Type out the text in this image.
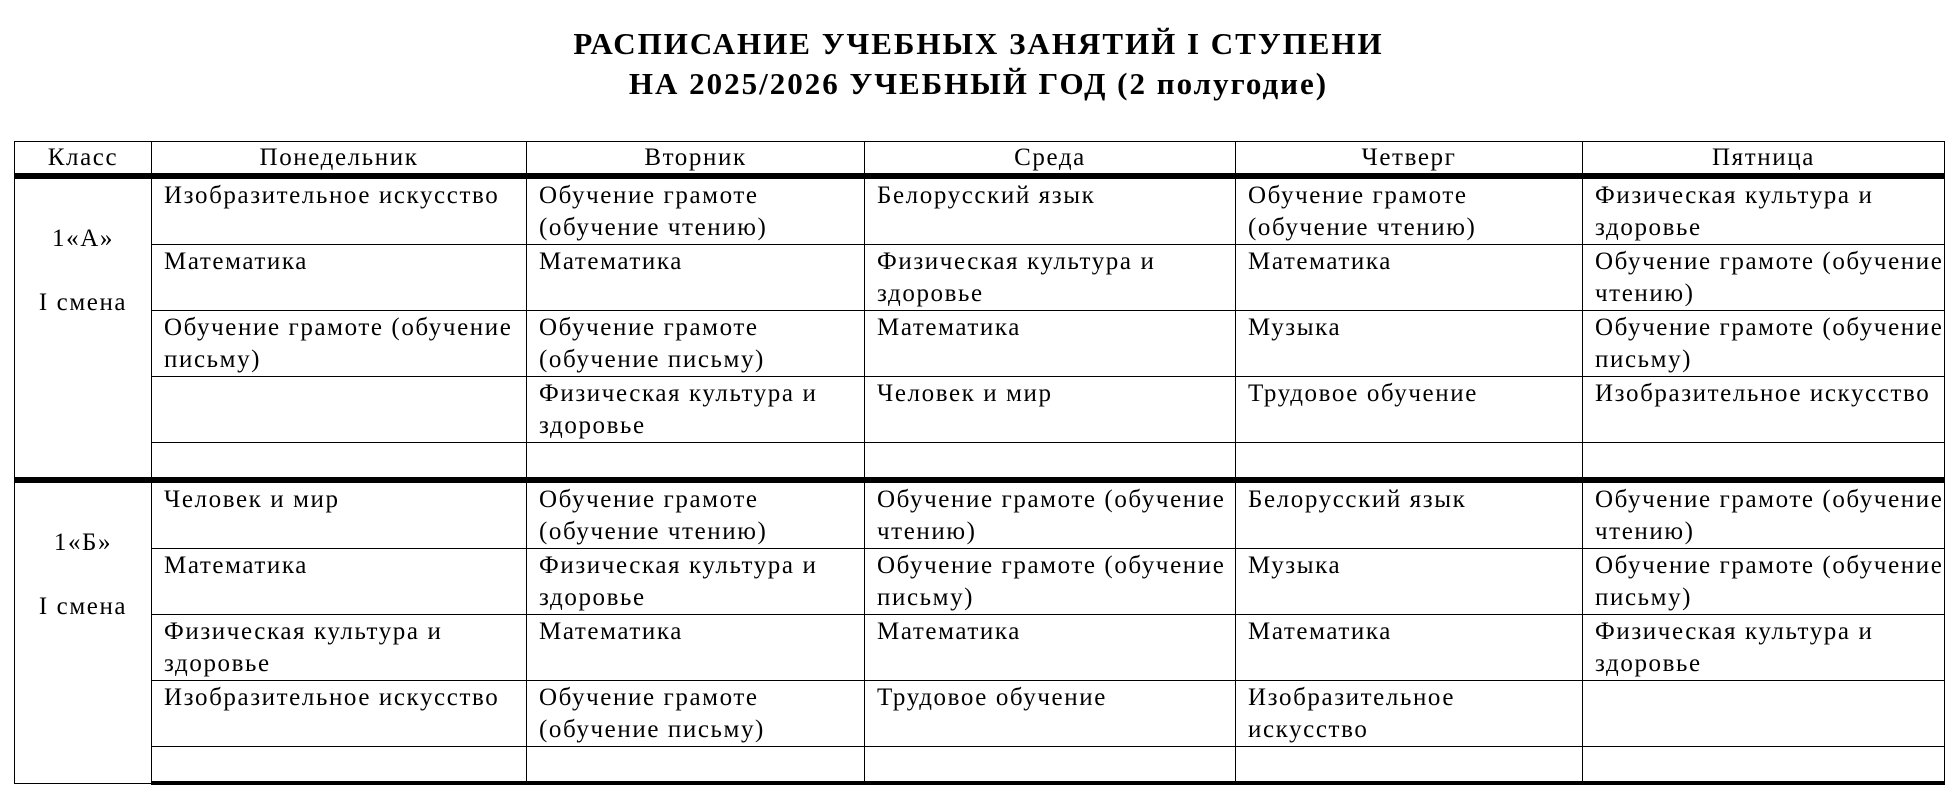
РАСПИСАНИЕ УЧЕБНЫХ ЗАНЯТИЙ I СТУПЕНИ
НА 2025/2026 УЧЕБНЫЙ ГОД (2 полугодие)
Класс	Понедельник	Вторник	Среда	Четверг	Пятница

1«А»
I смена	Изобразительное искусство	Обучение грамоте (обучение чтению)	Белорусский язык	Обучение грамоте (обучение чтению)	Физическая культура и здоровье

	Математика	Математика	Физическая культура и здоровье	Математика	Обучение грамоте (обучение чтению)

	Обучение грамоте (обучение письму)	Обучение грамоте (обучение письму)	Математика	Музыка	Обучение грамоте (обучение письму)

		Физическая культура и здоровье	Человек и мир	Трудовое обучение	Изобразительное искусство

1«Б»
I смена	Человек и мир	Обучение грамоте (обучение чтению)	Обучение грамоте (обучение чтению)	Белорусский язык	Обучение грамоте (обучение чтению)

	Математика	Физическая культура и здоровье	Обучение грамоте (обучение письму)	Музыка	Обучение грамоте (обучение письму)

	Физическая культура и здоровье	Математика	Математика	Математика	Физическая культура и здоровье

	Изобразительное искусство	Обучение грамоте (обучение письму)	Трудовое обучение	Изобразительное искусство	
